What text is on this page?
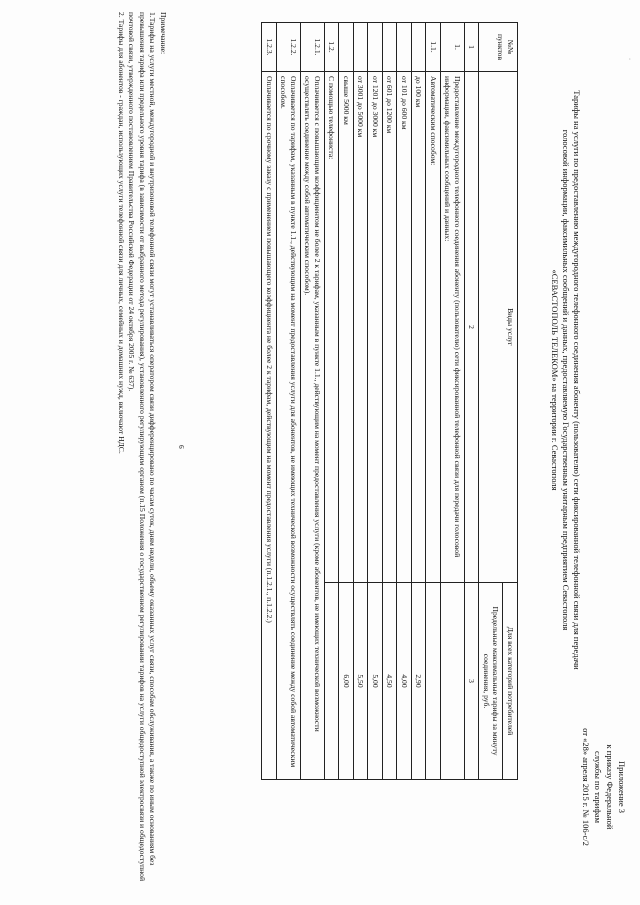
·
Приложение 3
к приказу Федеральной
службы по тарифам
от «28» апреля 2015 г. № 106-с/2
Тарифы на услуги по предоставлению междугородного телефонного соединения абоненту (пользователю) сети фиксированной телефонной связи для передачи
голосовой информации, факсимильных сообщений и данных, предоставляемую Государственным унитарным предприятием Севастополя
«СЕВАСТОПОЛЬ ТЕЛЕКОМ» на территории г. Севастополя
№№ пунктов	Виды услуг	Для всех категорий потребителей
		Предельные максимальные тарифы за минуту соединения, руб.
1	2	3
1.	Предоставление междугородного телефонного соединения абоненту (пользователю) сети фиксированной телефонной связи для передачи голосовой информации, факсимильных сообщений и данных:	
1.1.	Автоматическим способом:	
	до 100 км	2,90
	от 101 до 600 км	4,00
	от 601 до 1200 км	4,50
	от 1201 до 3000 км	5,00
	от 3001 до 5000 км	5,50
	свыше 5000 км	6,00
1.2.	С помощью телефониста:	
1.2.1.	Оплачивается с повышающим коэффициентом не более 2 к тарифам, указанным в пункте 1.1., действующим на момент предоставления услуги (кроме абонентов, не имеющих технической возможности осуществлять соединение между собой автоматическим способом).	
1.2.2.	Оплачивается по тарифам, указанным в пункте 1.1., действующим на момент предоставления услуги для абонентов, не имеющих технической возможности осуществлять соединение между собой автоматическим способом.	
1.2.3.	Оплачивается по срочному заказу с применением повышающего коэффициента не более 2 к тарифам, действующим на момент предоставления услуги (п.1.2.1., п.1.2.2.)	
6

Примечание:

1.Тарифы на услуги местной, междугородной и внутризоновой телефонной связи могут устанавливаться оператором связи дифференцировано по часам суток, дням недели, объему оказанных услуг связи, способам обслуживания, а также по иным основаниям без превышения тарифа или предельного уровня тарифа (в зависимости от выбранного метода регулирования), установленного регулирующим органом (п.15 Положения о государственном регулировании тарифов на услуги общедоступной электросвязи и общедоступной почтовой связи, утвержденного постановлением Правительства Российской Федерации от 24 октября 2005 г. № 637).

2. Тарифы для абонентов - граждан, использующих услуги телефонной связи для личных, семейных и домашних нужд, включают НДС.
